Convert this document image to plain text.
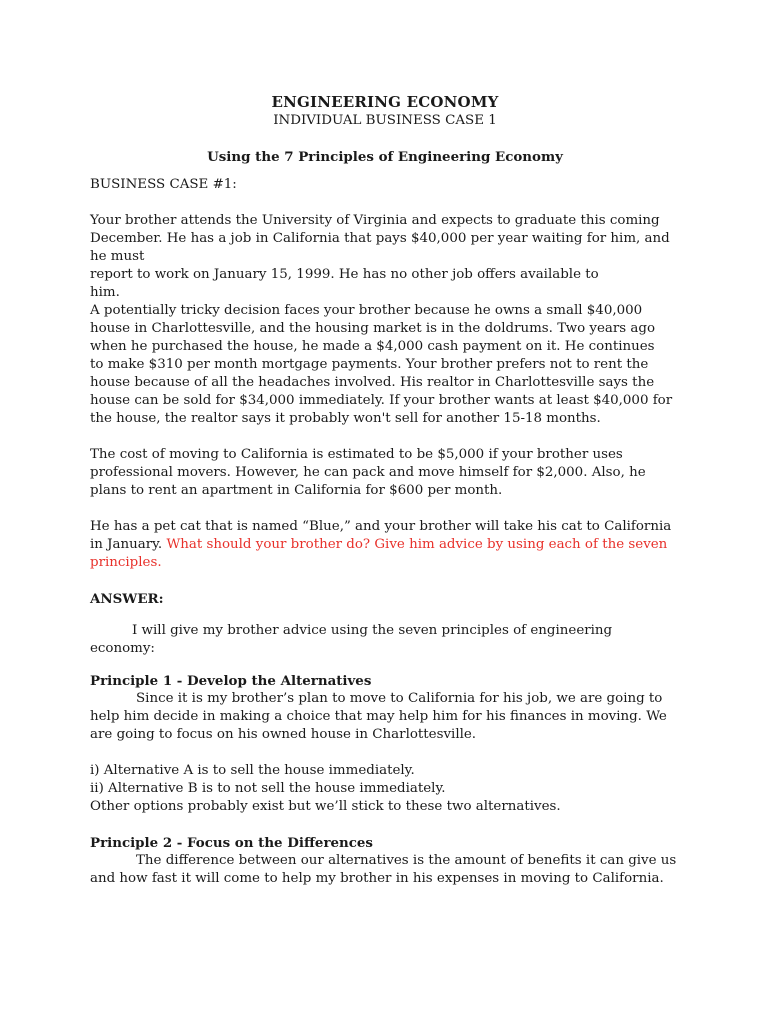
ENGINEERING ECONOMY

INDIVIDUAL BUSINESS CASE 1

Using the 7 Principles of Engineering Economy

BUSINESS CASE #1:

Your brother attends the University of Virginia and expects to graduate this coming

December. He has a job in California that pays $40,000 per year waiting for him, and

he must

report to work on January 15, 1999. He has no other job offers available to

him.

A potentially tricky decision faces your brother because he owns a small $40,000

house in Charlottesville, and the housing market is in the doldrums. Two years ago

when he purchased the house, he made a $4,000 cash payment on it. He continues

to make $310 per month mortgage payments. Your brother prefers not to rent the

house because of all the headaches involved. His realtor in Charlottesville says the

house can be sold for $34,000 immediately. If your brother wants at least $40,000 for

the house, the realtor says it probably won't sell for another 15-18 months.

The cost of moving to California is estimated to be $5,000 if your brother uses

professional movers. However, he can pack and move himself for $2,000. Also, he

plans to rent an apartment in California for $600 per month.

He has a pet cat that is named “Blue,” and your brother will take his cat to California

in January. What should your brother do? Give him advice by using each of the seven

principles.

ANSWER:

I will give my brother advice using the seven principles of engineering economy:

Principle 1 - Develop the Alternatives

Since it is my brother’s plan to move to California for his job, we are going to

help him decide in making a choice that may help him for his finances in moving. We

are going to focus on his owned house in Charlottesville.

i) Alternative A is to sell the house immediately.

ii) Alternative B is to not sell the house immediately.

Other options probably exist but we’ll stick to these two alternatives.

Principle 2 - Focus on the Differences

The difference between our alternatives is the amount of benefits it can give us

and how fast it will come to help my brother in his expenses in moving to California.
